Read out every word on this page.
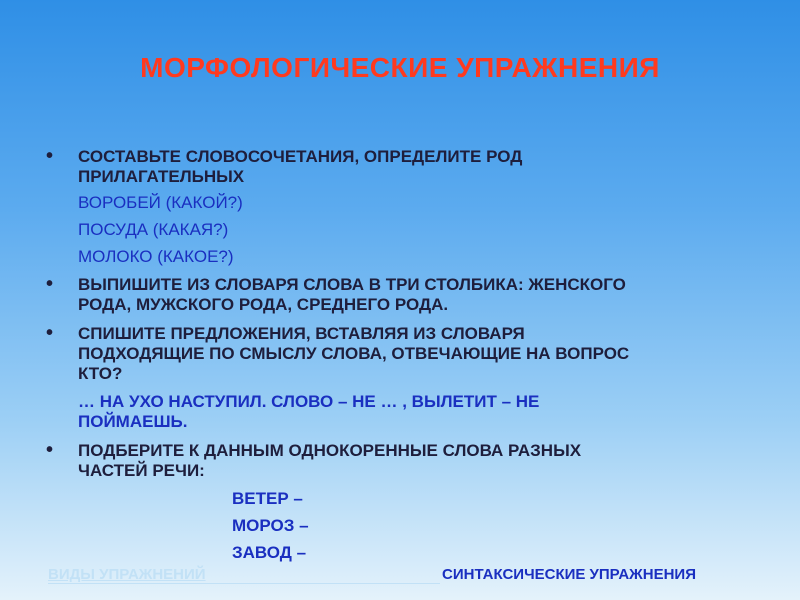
МОРФОЛОГИЧЕСКИЕ УПРАЖНЕНИЯ
• СОСТАВЬТЕ СЛОВОСОЧЕТАНИЯ, ОПРЕДЕЛИТЕ РОД
ПРИЛАГАТЕЛЬНЫХ
ВОРОБЕЙ (КАКОЙ?)
ПОСУДА (КАКАЯ?)
МОЛОКО (КАКОЕ?)
• ВЫПИШИТЕ ИЗ СЛОВАРЯ СЛОВА В ТРИ СТОЛБИКА: ЖЕНСКОГО
РОДА, МУЖСКОГО РОДА, СРЕДНЕГО РОДА.
• СПИШИТЕ ПРЕДЛОЖЕНИЯ, ВСТАВЛЯЯ ИЗ СЛОВАРЯ
ПОДХОДЯЩИЕ ПО СМЫСЛУ СЛОВА, ОТВЕЧАЮЩИЕ НА ВОПРОС
КТО?
… НА УХО НАСТУПИЛ. СЛОВО – НЕ … , ВЫЛЕТИТ – НЕ
ПОЙМАЕШЬ.
• ПОДБЕРИТЕ К ДАННЫМ ОДНОКОРЕННЫЕ СЛОВА РАЗНЫХ
ЧАСТЕЙ РЕЧИ:
ВЕТЕР –
МОРОЗ –
ЗАВОД –
ВИДЫ УПРАЖНЕНИЙ	СИНТАКСИЧЕСКИЕ УПРАЖНЕНИЯ
